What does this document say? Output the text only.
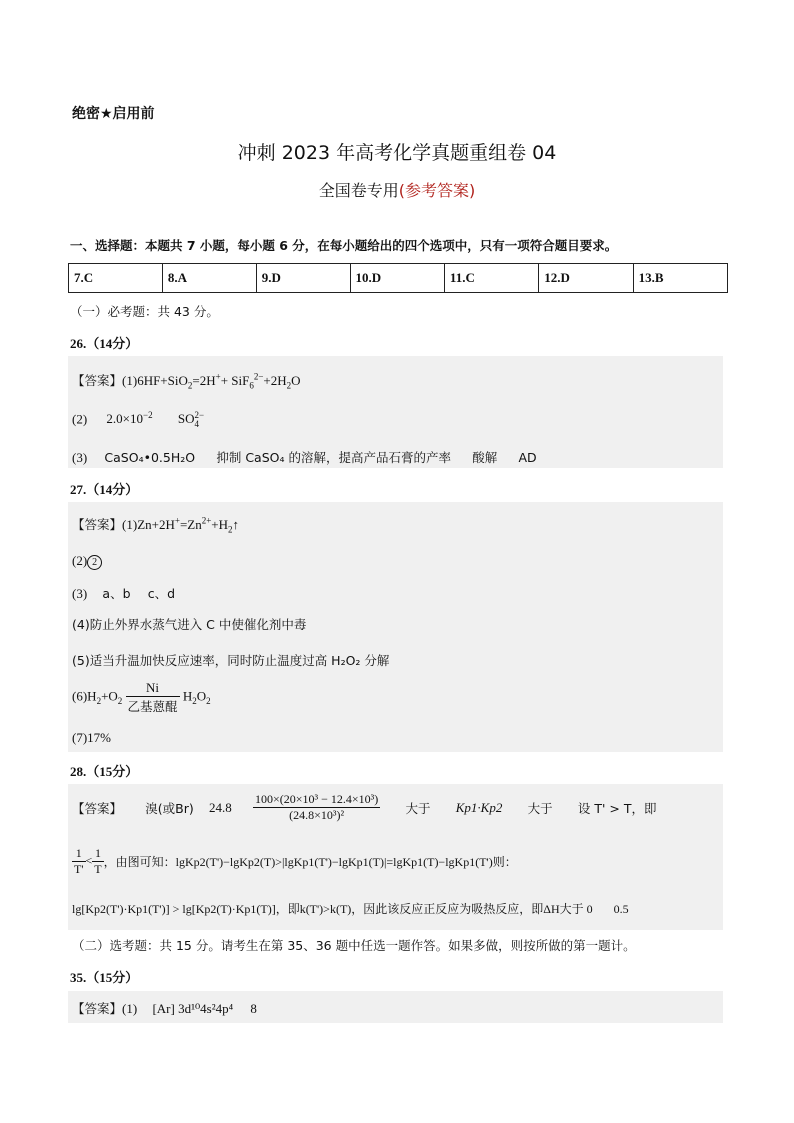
绝密★启用前
冲刺 2023 年高考化学真题重组卷 04
全国卷专用(参考答案)
一、选择题：本题共 7 小题，每小题 6 分，在每小题给出的四个选项中，只有一项符合题目要求。
7.C	8.A	9.D	10.D	11.C	12.D	13.B
（一）必考题：共 43 分。
26.（14分）
【答案】$(1)6HF+SiO_2=2H^++ SiF_6^{2-}+2H_2O$
(2) $2.0\times 10^{-2}$ SO 2−
4
(3) CaSO₄•0.5H₂O 抑制 CaSO₄ 的溶解，提高产品石膏的产率 酸解 AD
27.（14分）
【答案】$(1)Zn+2H^+=Zn^{2+}+H_2↑$
(2) 2
(3) a、b c、d
(4)防止外界水蒸气进入 C 中使催化剂中毒
(5)适当升温加快反应速率，同时防止温度过高 H₂O₂ 分解
$(6)H_2+O_2 \frac{Ni}{\text{乙基蒽醌}} H_2O_2$
(7)17%
28.（15分）
【答案】 溴(或Br) $24.8 \frac{\text{100×(20×10³ − 12.4×10³)}}{\text{(24.8×10³)²}}$ 大于 Kp1·Kp2 大于 设 T' > T，即
$\frac{1}{T'} < \frac{1}{T}$ ，由图可知：lgKp2(T')−lgKp2(T)>|lgKp1(T')−lgKp1(T)|=lgKp1(T)−lgKp1(T')则：
lg[Kp2(T')·Kp1(T')] > lg[Kp2(T)·Kp1(T)]，即k(T')>k(T)，因此该反应正反应为吸热反应，即ΔH大于 0 0.5
（二）选考题：共 15 分。请考生在第 35、36 题中任选一题作答。如果多做，则按所做的第一题计。
35.（15分）
【答案】(1) [Ar] 3d¹⁰4s²4p⁴ 8
